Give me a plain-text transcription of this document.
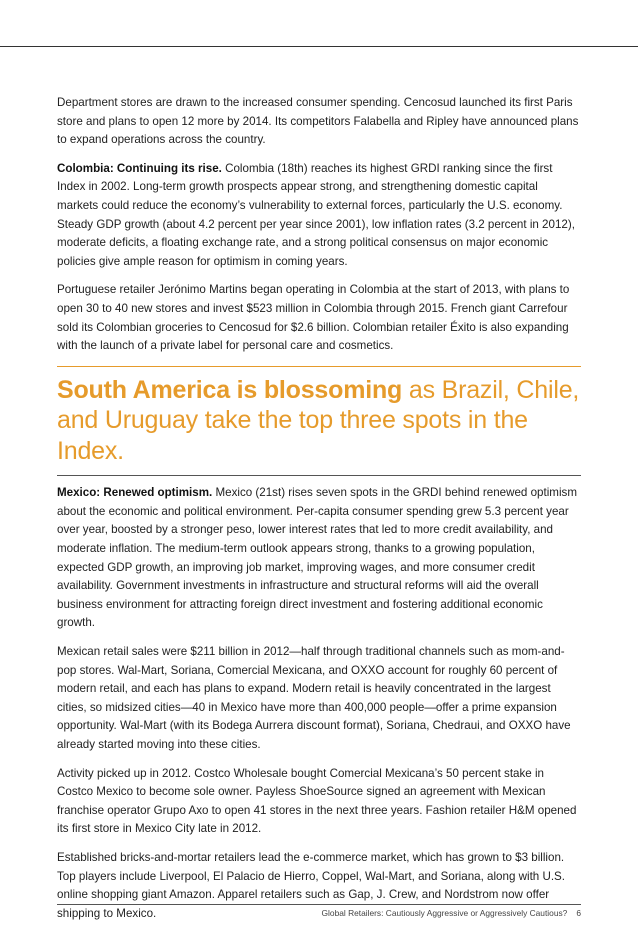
Department stores are drawn to the increased consumer spending. Cencosud launched its first Paris store and plans to open 12 more by 2014. Its competitors Falabella and Ripley have announced plans to expand operations across the country.

Colombia: Continuing its rise. Colombia (18th) reaches its highest GRDI ranking since the first Index in 2002. Long-term growth prospects appear strong, and strengthening domestic capital markets could reduce the economy’s vulnerability to external forces, particularly the U.S. economy. Steady GDP growth (about 4.2 percent per year since 2001), low inflation rates (3.2 percent in 2012), moderate deficits, a floating exchange rate, and a strong political consensus on major economic policies give ample reason for optimism in coming years.

Portuguese retailer Jerónimo Martins began operating in Colombia at the start of 2013, with plans to open 30 to 40 new stores and invest $523 million in Colombia through 2015. French giant Carrefour sold its Colombian groceries to Cencosud for $2.6 billion. Colombian retailer Éxito is also expanding with the launch of a private label for personal care and cosmetics.

South America is blossoming as Brazil, Chile, and Uruguay take the top three spots in the Index.

Mexico: Renewed optimism. Mexico (21st) rises seven spots in the GRDI behind renewed optimism about the economic and political environment. Per-capita consumer spending grew 5.3 percent year over year, boosted by a stronger peso, lower interest rates that led to more credit availability, and moderate inflation. The medium-term outlook appears strong, thanks to a growing population, expected GDP growth, an improving job market, improving wages, and more consumer credit availability. Government investments in infrastructure and structural reforms will aid the overall business environment for attracting foreign direct investment and fostering additional economic growth.

Mexican retail sales were $211 billion in 2012—half through traditional channels such as mom-and-pop stores. Wal-Mart, Soriana, Comercial Mexicana, and OXXO account for roughly 60 percent of modern retail, and each has plans to expand. Modern retail is heavily concentrated in the largest cities, so midsized cities—40 in Mexico have more than 400,000 people—offer a prime expansion opportunity. Wal-Mart (with its Bodega Aurrera discount format), Soriana, Chedraui, and OXXO have already started moving into these cities.

Activity picked up in 2012. Costco Wholesale bought Comercial Mexicana’s 50 percent stake in Costco Mexico to become sole owner. Payless ShoeSource signed an agreement with Mexican franchise operator Grupo Axo to open 41 stores in the next three years. Fashion retailer H&M opened its first store in Mexico City late in 2012.

Established bricks-and-mortar retailers lead the e-commerce market, which has grown to $3 billion. Top players include Liverpool, El Palacio de Hierro, Coppel, Wal-Mart, and Soriana, along with U.S. online shopping giant Amazon. Apparel retailers such as Gap, J. Crew, and Nordstrom now offer shipping to Mexico.	Global Retailers: Cautiously Aggressive or Aggressively Cautious? 6
